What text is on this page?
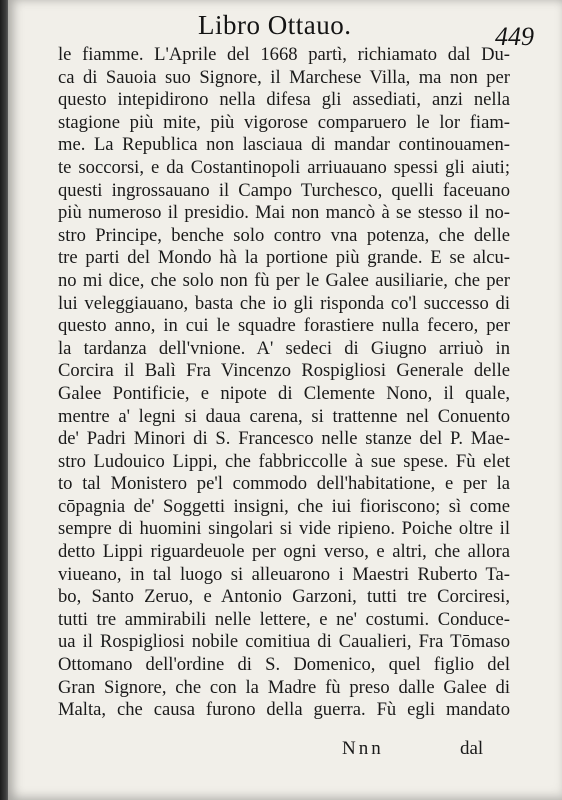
Libro Ottauo.	449
le fiamme. L'Aprile del 1668 partì, richiamato dal Du-
ca di Sauoia suo Signore, il Marchese Villa, ma non per
questo intepidirono nella difesa gli assediati, anzi nella
stagione più mite, più vigorose comparuero le lor fiam-
me. La Republica non lasciaua di mandar continouamen-
te soccorsi, e da Costantinopoli arriuauano spessi gli aiuti;
questi ingrossauano il Campo Turchesco, quelli faceuano
più numeroso il presidio. Mai non mancò à se stesso il no-
stro Principe, benche solo contro vna potenza, che delle
tre parti del Mondo hà la portione più grande. E se alcu-
no mi dice, che solo non fù per le Galee ausiliarie, che per
lui veleggiauano, basta che io gli risponda co'l successo di
questo anno, in cui le squadre forastiere nulla fecero, per
la tardanza dell'vnione. A' sedeci di Giugno arriuò in
Corcira il Balì Fra Vincenzo Rospigliosi Generale delle
Galee Pontificie, e nipote di Clemente Nono, il quale,
mentre a' legni si daua carena, si trattenne nel Conuento
de' Padri Minori di S. Francesco nelle stanze del P. Mae-
stro Ludouico Lippi, che fabbriccolle à sue spese. Fù elet
to tal Monistero pe'l commodo dell'habitatione, e per la
cōpagnia de' Soggetti insigni, che iui fioriscono; sì come
sempre di huomini singolari si vide ripieno. Poiche oltre il
detto Lippi riguardeuole per ogni verso, e altri, che allora
viueano, in tal luogo si alleuarono i Maestri Ruberto Ta-
bo, Santo Zeruo, e Antonio Garzoni, tutti tre Corciresi,
tutti tre ammirabili nelle lettere, e ne' costumi. Conduce-
ua il Rospigliosi nobile comitiua di Caualieri, Fra Tōmaso
Ottomano dell'ordine di S. Domenico, quel figlio del
Gran Signore, che con la Madre fù preso dalle Galee di
Malta, che causa furono della guerra. Fù egli mandato
Nnn	dal
